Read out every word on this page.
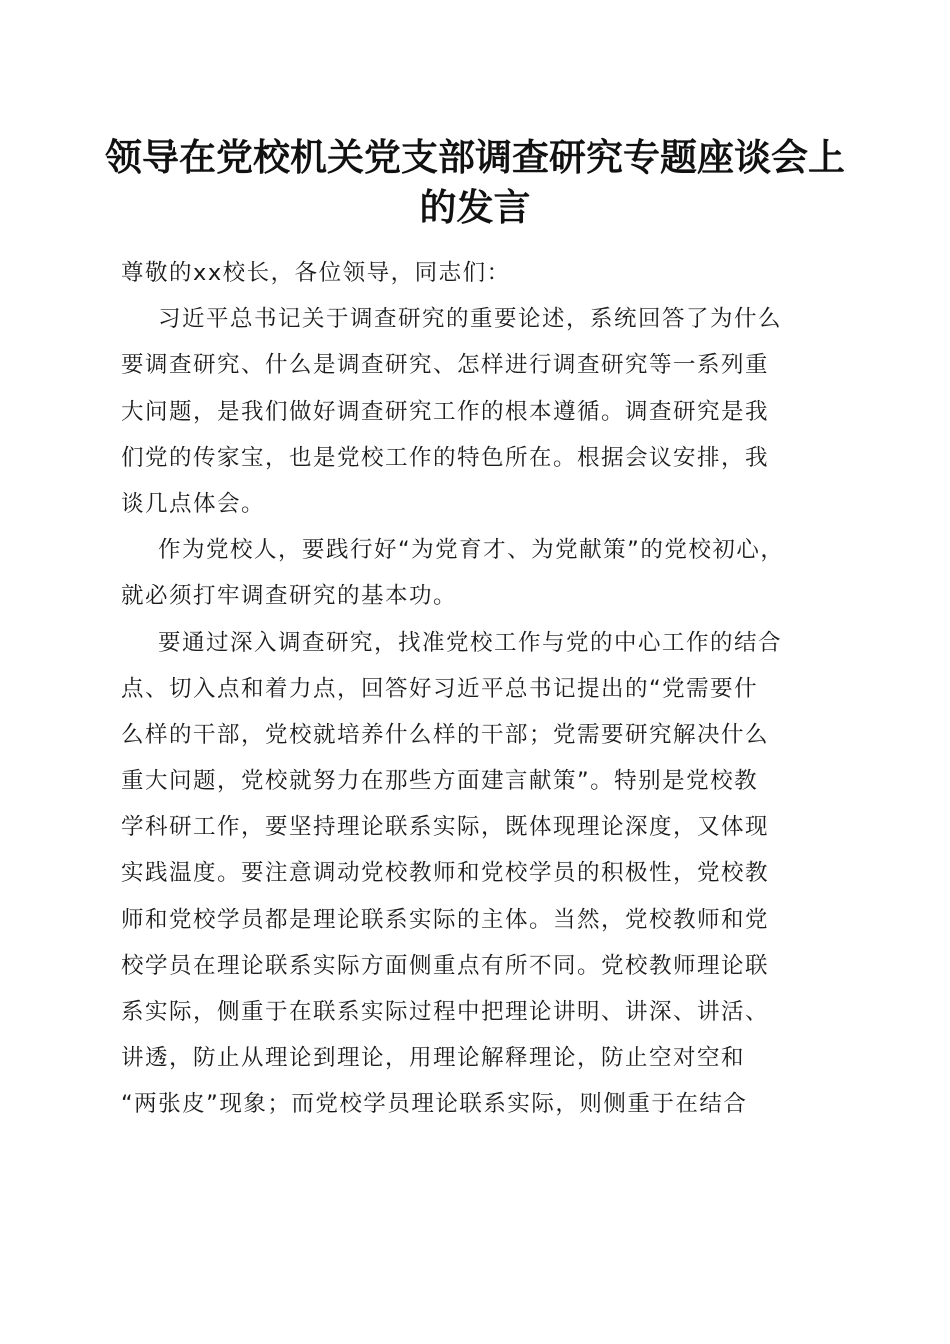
领导在党校机关党支部调查研究专题座谈会上
的发言
尊敬的xx校长，各位领导，同志们：
习近平总书记关于调查研究的重要论述，系统回答了为什么
要调查研究、什么是调查研究、怎样进行调查研究等一系列重
大问题，是我们做好调查研究工作的根本遵循。调查研究是我
们党的传家宝，也是党校工作的特色所在。根据会议安排，我
谈几点体会。
作为党校人，要践行好“为党育才、为党献策”的党校初心，
就必须打牢调查研究的基本功。
要通过深入调查研究，找准党校工作与党的中心工作的结合
点、切入点和着力点，回答好习近平总书记提出的“党需要什
么样的干部，党校就培养什么样的干部；党需要研究解决什么
重大问题，党校就努力在那些方面建言献策”。特别是党校教
学科研工作，要坚持理论联系实际，既体现理论深度，又体现
实践温度。要注意调动党校教师和党校学员的积极性，党校教
师和党校学员都是理论联系实际的主体。当然，党校教师和党
校学员在理论联系实际方面侧重点有所不同。党校教师理论联
系实际，侧重于在联系实际过程中把理论讲明、讲深、讲活、
讲透，防止从理论到理论，用理论解释理论，防止空对空和
“两张皮”现象；而党校学员理论联系实际，则侧重于在结合
